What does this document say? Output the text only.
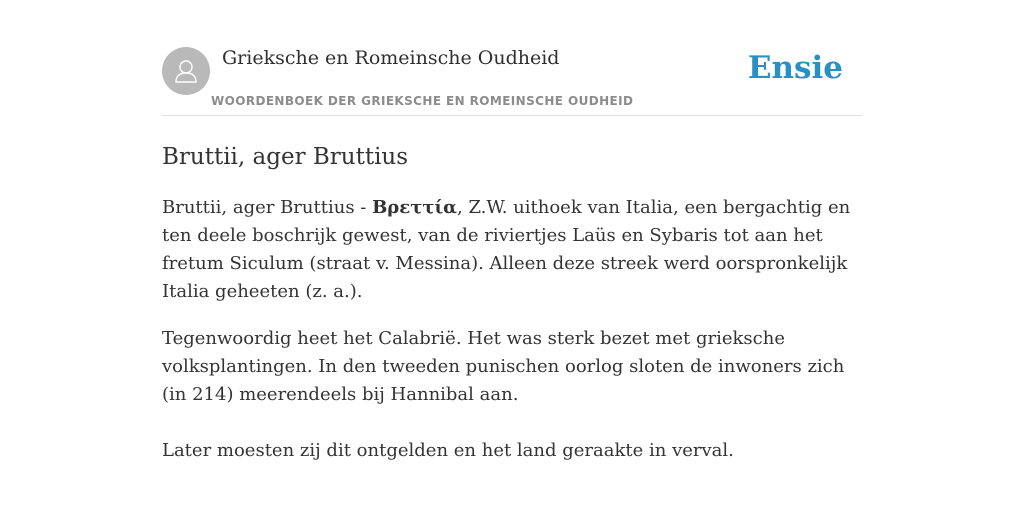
Grieksche en Romeinsche Oudheid
WOORDENBOEK DER GRIEKSCHE EN ROMEINSCHE OUDHEID
Ensie
Bruttii, ager Bruttius

Bruttii, ager Bruttius - Βρεττία, Z.W. uithoek van Italia, een bergachtig en ten deele boschrijk gewest, van de riviertjes Laüs en Sybaris tot aan het fretum Siculum (straat v. Messina). Alleen deze streek werd oorspronkelijk Italia geheeten (z. a.).

Tegenwoordig heet het Calabrië. Het was sterk bezet met grieksche volksplantingen. In den tweeden punischen oorlog sloten de inwoners zich (in 214) meerendeels bij Hannibal aan.

Later moesten zij dit ontgelden en het land geraakte in verval.
